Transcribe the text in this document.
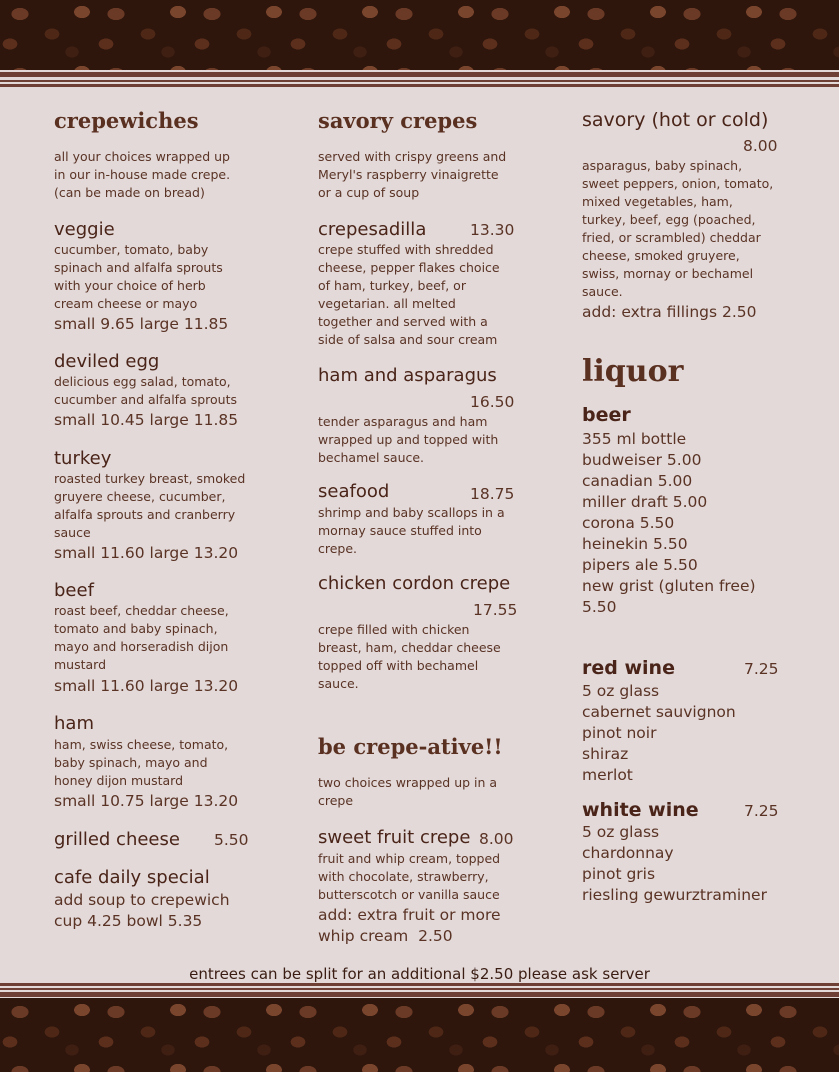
crepewiches
all your choices wrapped up
in our in-house made crepe.
(can be made on bread)
veggie
cucumber, tomato, baby
spinach and alfalfa sprouts
with your choice of herb
cream cheese or mayo
small 9.65 large 11.85
deviled egg
delicious egg salad, tomato,
cucumber and alfalfa sprouts
small 10.45 large 11.85
turkey
roasted turkey breast, smoked
gruyere cheese, cucumber,
alfalfa sprouts and cranberry
sauce
small 11.60 large 13.20
beef
roast beef, cheddar cheese,
tomato and baby spinach,
mayo and horseradish dijon
mustard
small 11.60 large 13.20
ham
ham, swiss cheese, tomato,
baby spinach, mayo and
honey dijon mustard
small 10.75 large 13.20
grilled cheese 5.50
cafe daily special
add soup to crepewich
cup 4.25 bowl 5.35
savory crepes
served with crispy greens and
Meryl's raspberry vinaigrette
or a cup of soup
crepesadilla	13.30
crepe stuffed with shredded
cheese, pepper flakes choice
of ham, turkey, beef, or
vegetarian. all melted
together and served with a
side of salsa and sour cream
ham and asparagus
16.50
tender asparagus and ham
wrapped up and topped with
bechamel sauce.
seafood	18.75
shrimp and baby scallops in a
mornay sauce stuffed into
crepe.
chicken cordon crepe
17.55
crepe filled with chicken
breast, ham, cheddar cheese
topped off with bechamel
sauce.
be crepe-ative!!
two choices wrapped up in a
crepe
sweet fruit crepe 8.00
fruit and whip cream, topped
with chocolate, strawberry,
butterscotch or vanilla sauce
add: extra fruit or more
whip cream  2.50
savory (hot or cold)
8.00
asparagus, baby spinach,
sweet peppers, onion, tomato,
mixed vegetables, ham,
turkey, beef, egg (poached,
fried, or scrambled) cheddar
cheese, smoked gruyere,
swiss, mornay or bechamel
sauce.
add: extra fillings 2.50
liquor
beer
355 ml bottle
budweiser 5.00
canadian 5.00
miller draft 5.00
corona 5.50
heinekin 5.50
pipers ale 5.50
new grist (gluten free)
5.50
red wine	7.25
5 oz glass
cabernet sauvignon
pinot noir
shiraz
merlot
white wine	7.25
5 oz glass
chardonnay
pinot gris
riesling gewurztraminer
entrees can be split for an additional $2.50 please ask server
